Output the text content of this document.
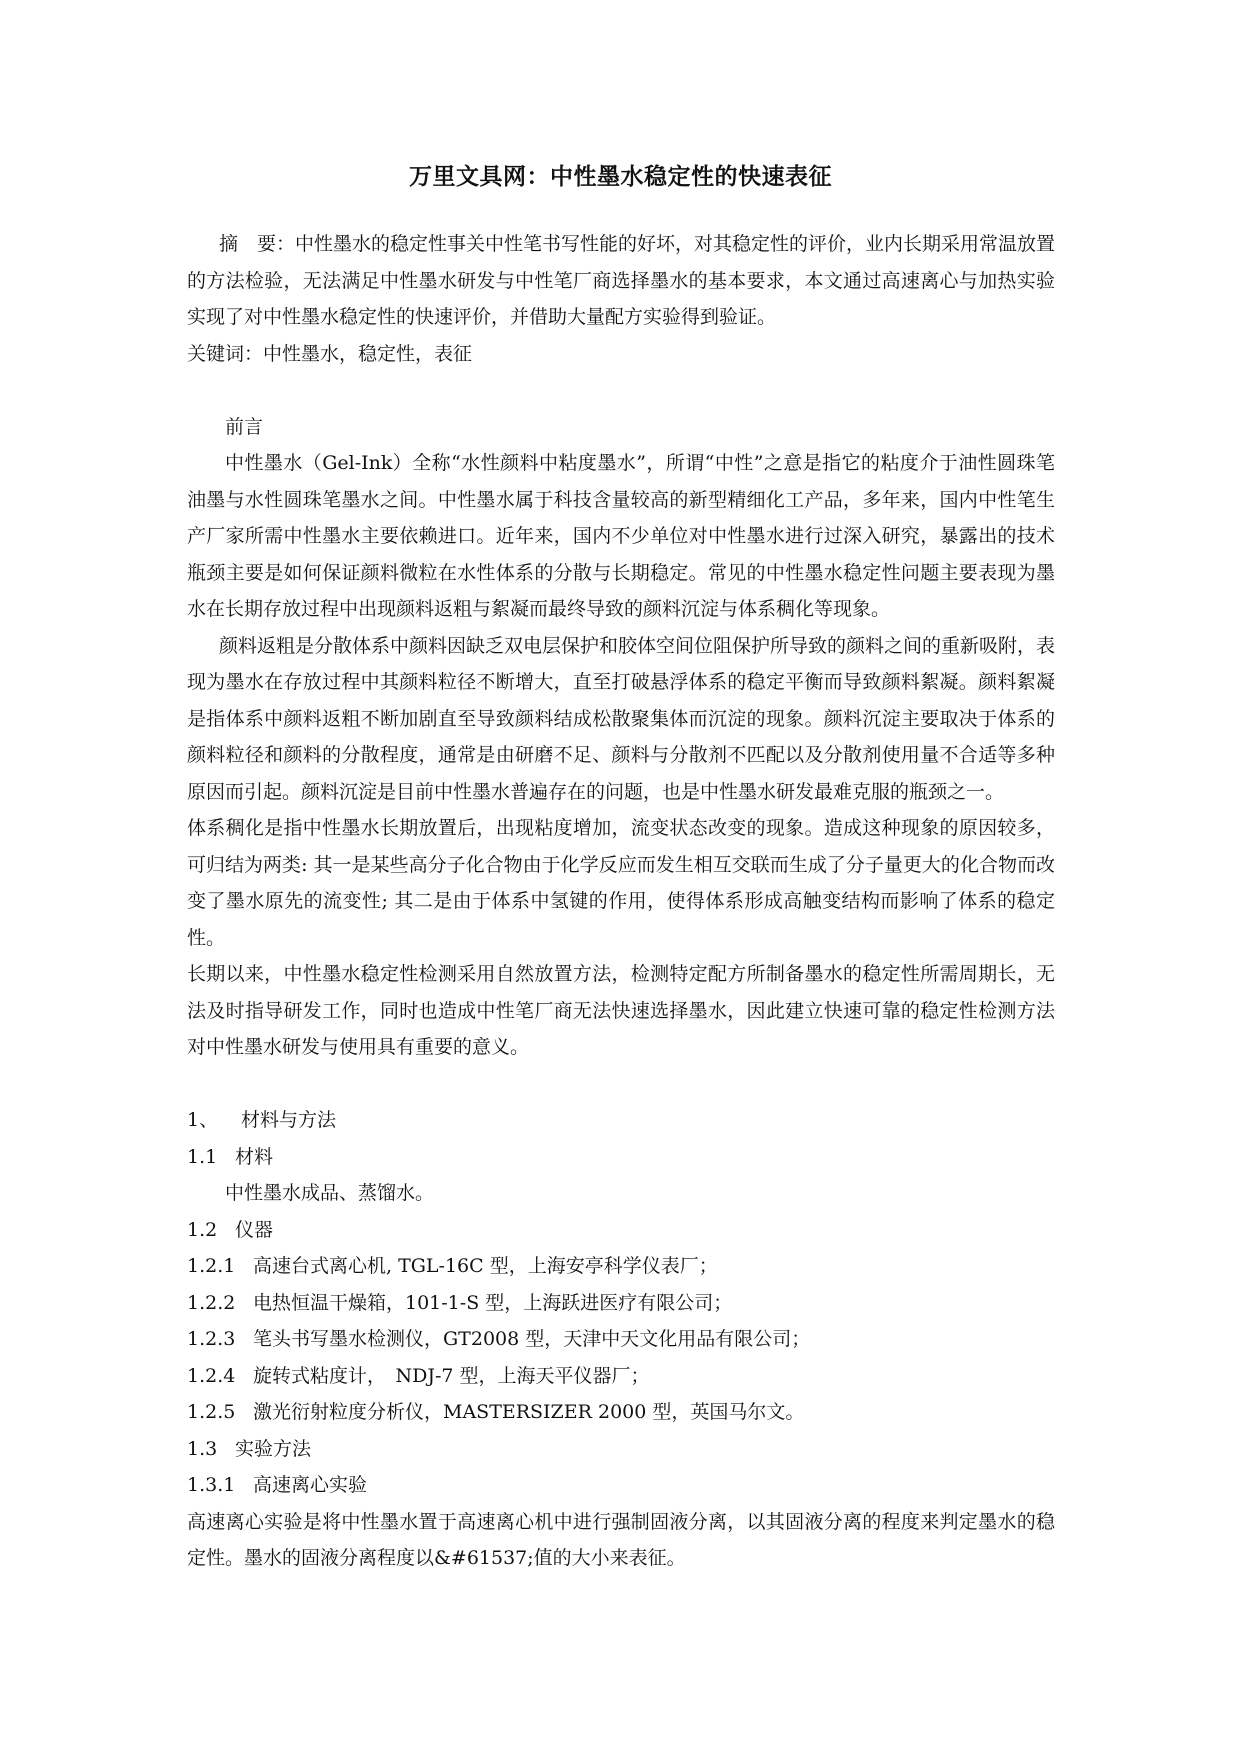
万里文具网：中性墨水稳定性的快速表征

摘　要：中性墨水的稳定性事关中性笔书写性能的好坏，对其稳定性的评价，业内长期采用常温放置的方法检验，无法满足中性墨水研发与中性笔厂商选择墨水的基本要求，本文通过高速离心与加热实验实现了对中性墨水稳定性的快速评价，并借助大量配方实验得到验证。

关键词：中性墨水，稳定性，表征

前言

中性墨水（Gel-Ink）全称“水性颜料中粘度墨水”，所谓“中性”之意是指它的粘度介于油性圆珠笔油墨与水性圆珠笔墨水之间。中性墨水属于科技含量较高的新型精细化工产品，多年来，国内中性笔生产厂家所需中性墨水主要依赖进口。近年来，国内不少单位对中性墨水进行过深入研究，暴露出的技术瓶颈主要是如何保证颜料微粒在水性体系的分散与长期稳定。常见的中性墨水稳定性问题主要表现为墨水在长期存放过程中出现颜料返粗与絮凝而最终导致的颜料沉淀与体系稠化等现象。

颜料返粗是分散体系中颜料因缺乏双电层保护和胶体空间位阻保护所导致的颜料之间的重新吸附，表现为墨水在存放过程中其颜料粒径不断增大，直至打破悬浮体系的稳定平衡而导致颜料絮凝。颜料絮凝是指体系中颜料返粗不断加剧直至导致颜料结成松散聚集体而沉淀的现象。颜料沉淀主要取决于体系的颜料粒径和颜料的分散程度，通常是由研磨不足、颜料与分散剂不匹配以及分散剂使用量不合适等多种原因而引起。颜料沉淀是目前中性墨水普遍存在的问题，也是中性墨水研发最难克服的瓶颈之一。

体系稠化是指中性墨水长期放置后，出现粘度增加，流变状态改变的现象。造成这种现象的原因较多，可归结为两类: 其一是某些高分子化合物由于化学反应而发生相互交联而生成了分子量更大的化合物而改变了墨水原先的流变性; 其二是由于体系中氢键的作用，使得体系形成高触变结构而影响了体系的稳定性。

长期以来，中性墨水稳定性检测采用自然放置方法，检测特定配方所制备墨水的稳定性所需周期长，无法及时指导研发工作，同时也造成中性笔厂商无法快速选择墨水，因此建立快速可靠的稳定性检测方法对中性墨水研发与使用具有重要的意义。

1、 材料与方法

1.1 材料

中性墨水成品、蒸馏水。

1.2 仪器

1.2.1 高速台式离心机, TGL-16C 型，上海安亭科学仪表厂；

1.2.2 电热恒温干燥箱，101-1-S 型，上海跃进医疗有限公司；

1.2.3 笔头书写墨水检测仪，GT2008 型，天津中天文化用品有限公司；

1.2.4 旋转式粘度计，　NDJ-7 型，上海天平仪器厂；

1.2.5 激光衍射粒度分析仪，MASTERSIZER 2000 型，英国马尔文。

1.3 实验方法

1.3.1 高速离心实验

高速离心实验是将中性墨水置于高速离心机中进行强制固液分离，以其固液分离的程度来判定墨水的稳定性。墨水的固液分离程度以&#61537;值的大小来表征。
